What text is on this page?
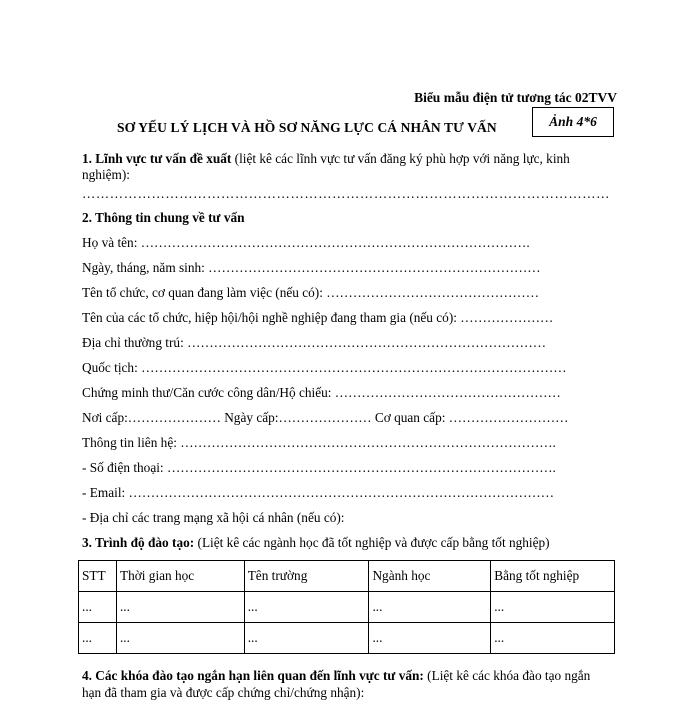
Biểu mẫu điện tử tương tác 02TVV
SƠ YẾU LÝ LỊCH VÀ HỒ SƠ NĂNG LỰC CÁ NHÂN TƯ VẤN	Ảnh 4*6
1. Lĩnh vực tư vấn đề xuất (liệt kê các lĩnh vực tư vấn đăng ký phù hợp với năng lực, kinh
nghiệm):
……………………………………………………………………………………………………
2. Thông tin chung về tư vấn
Họ và tên: …………………………………………………………………………….
Ngày, tháng, năm sinh: …………………………………………………………………
Tên tổ chức, cơ quan đang làm việc (nếu có): …………………………………………
Tên của các tổ chức, hiệp hội/hội nghề nghiệp đang tham gia (nếu có): …………………
Địa chỉ thường trú: ………………………………………………………………………
Quốc tịch: ……………………………………………………………………………………
Chứng minh thư/Căn cước công dân/Hộ chiếu: ……………………………………………
Nơi cấp:………………… Ngày cấp:………………… Cơ quan cấp: ………………………
Thông tin liên hệ: ………………………………………………………………………….
- Số điện thoại: …………………………………………………………………………….
- Email: ……………………………………………………………………………………
- Địa chỉ các trang mạng xã hội cá nhân (nếu có):
3. Trình độ đào tạo: (Liệt kê các ngành học đã tốt nghiệp và được cấp bằng tốt nghiệp)
STT	Thời gian học	Tên trường	Ngành học	Bằng tốt nghiệp
...	...	...	...	...
...	...	...	...	...
4. Các khóa đào tạo ngắn hạn liên quan đến lĩnh vực tư vấn: (Liệt kê các khóa đào tạo ngắn
hạn đã tham gia và được cấp chứng chỉ/chứng nhận):
